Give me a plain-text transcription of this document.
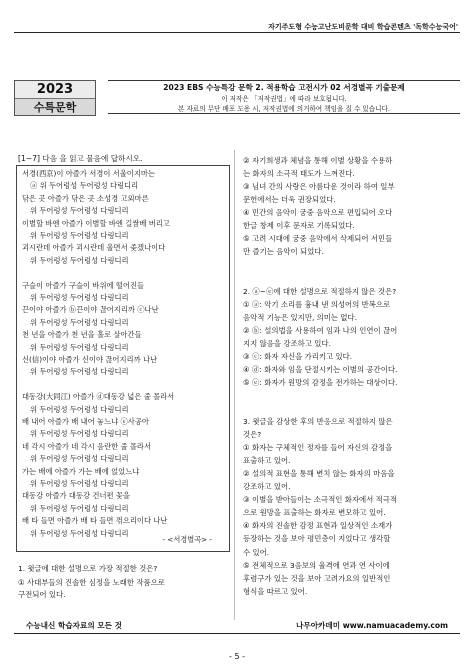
자기주도형 수능고난도비문학 대비 학습콘텐츠 '독학수능국어'
2023
수특문학
2023 EBS 수능특강 문학 2. 적용학습 고전시가 02 서경별곡 기출문제
이 저작은 「저작권법」에 따라 보호됩니다.
본 자료의 무단 배포 도용 시, 저작권법에 의거하여 책임을 질 수 있습니다.
[1~7] 다음 을 읽고 물음에 답하시오.
서경(西京)이 아즐가 서경이 서울이지마는
ⓐ 위 두어렁성 두어렁성 다링디리
닦은 곳 아즐가 닦은 곳 소성경 고외마른
위 두어렁성 두어렁성 다링디리
이별할 바엔 아즐가 이별할 바엔 길쌈베 버리고
위 두어렁성 두어렁성 다링디리
괴시란데 아즐가 괴시란데 울면서 좇겠나이다
위 두어렁성 두어렁성 다링디리
구슬이 아즐가 구슬이 바위에 떨어진들
위 두어렁성 두어렁성 다링디리
끈이야 아즐가 ⓑ끈이야 끊어지리까 ⓒ나난
위 두어렁성 두어렁성 다링디리
천 년을 아즐가 천 년을 홀로 살아간들
위 두어렁성 두어렁성 다링디리
신(信)이야 아즐가 신이야 끊어지리까 나난
위 두어렁성 두어렁성 다링디리
대동강(大同江) 아즐가 ⓓ대동강 넓은 줄 몰라서
위 두어렁성 두어렁성 다링디리
배 내어 아즐가 배 내어 놓느냐 ⓔ사공아
위 두어렁성 두어렁성 다링디리
네 각시 아즐가 네 각시 음란한 줄 몰라서
위 두어렁성 두어렁성 다링디리
가는 배에 아즐가 가는 배에 얹었느냐
위 두어렁성 두어렁성 다링디리
대동강 아즐가 대동강 건너편 꽃을
위 두어렁성 두어렁성 다링디리
배 타 들면 아즐가 배 타 들면 꺾으리이다 나난
위 두어렁성 두어렁성 다링디리
- <서경별곡> -
1. 윗글에 대한 설명으로 가장 적절한 것은?
① 사대부들의 진솔한 심정을 노래한 작품으로
구전되어 있다.
② 자기희생과 체념을 통해 이별 상황을 수용하
는 화자의 소극적 태도가 느껴진다.
③ 님녀 간의 사랑은 아름다운 것이라 하여 일부
문헌에서는 더욱 권장되었다.
④ 민간의 음악이 궁중 음악으로 편입되어 오다
한글 창제 이후 문자로 기록되었다.
⑤ 고려 시대에 궁중 음악에서 삭제되어 서민들
만 즐기는 음악이 되었다.
2. ⓐ~ⓔ에 대한 설명으로 적절하지 않은 것은?
① ⓐ: 악기 소리를 흉내 낸 의성어의 반복으로
음악적 기능은 있지만, 의미는 없다.
② ⓑ: 설의법을 사용하여 임과 나의 인연이 끊어
지지 않음을 강조하고 있다.
③ ⓒ: 화자 자신을 가리키고 있다.
④ ⓓ: 화자와 임을 단절시키는 이별의 공간이다.
⑤ ⓔ: 화자가 원망의 감정을 전가하는 대상이다.
3. 윗글을 감상한 후의 반응으로 적절하지 않은
것은?
① 화자는 구체적인 정자를 들어 자신의 감정을
표출하고 있어.
② 설의적 표현을 통해 변치 않는 화자의 마음을
강조하고 있어.
③ 이별을 받아들이는 소극적인 화자에서 적극적
으로 원망을 표출하는 화자로 변모하고 있어.
④ 화자의 진솔한 감정 표현과 일상적인 소재가
등장하는 것을 보아 평민층이 지었다고 생각할
수 있어.
⑤ 전체적으로 3음보의 율격에 연과 연 사이에
후렴구가 있는 것을 보아 고려가요의 일반적인
형식을 따르고 있어.
수능내신 학습자료의 모든 것	나무아카데미 www.namuacademy.com
- 5 -
